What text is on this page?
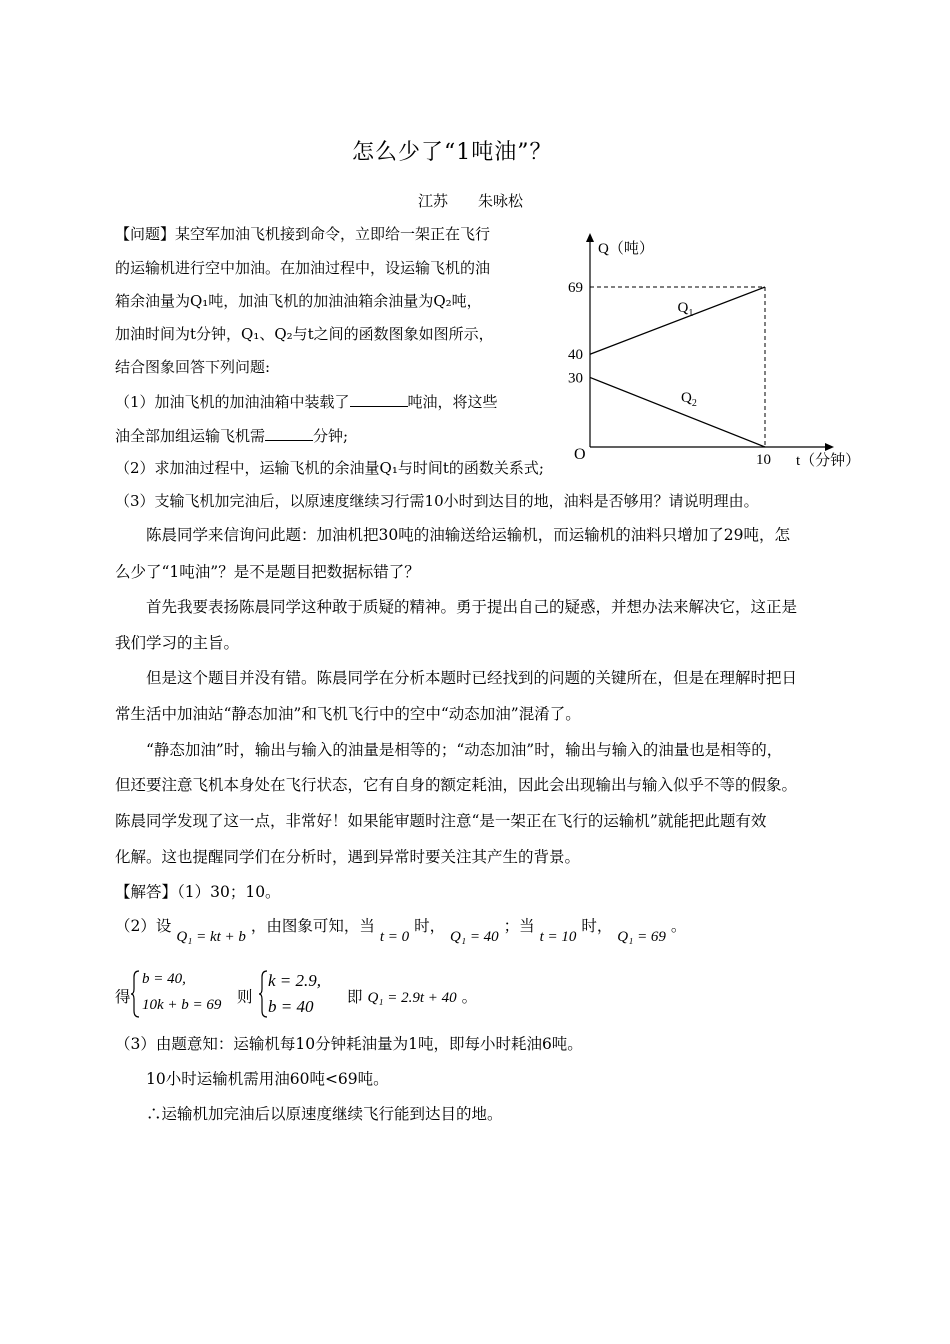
怎么少了“1吨油”？
江苏　　朱咏松
【问题】某空军加油飞机接到命令，立即给一架正在飞行
的运输机进行空中加油。在加油过程中，设运输飞机的油
箱余油量为Q₁吨，加油飞机的加油油箱余油量为Q₂吨，
加油时间为t分钟，Q₁、Q₂与t之间的函数图象如图所示，
结合图象回答下列问题:
（1）加油飞机的加油油箱中装载了	吨油，将这些
油全部加组运输飞机需	分钟;
（2）求加油过程中，运输飞机的余油量Q₁与时间t的函数关系式;
（3）支输飞机加完油后，以原速度继续习行需10小时到达目的地，油料是否够用？请说明理由。
Q（吨）
t（分钟）
O
69
40
30
10
$Q_1$
$Q_2$
陈晨同学来信询问此题：加油机把30吨的油输送给运输机，而运输机的油料只增加了29吨，怎
么少了“1吨油”？是不是题目把数据标错了？
首先我要表扬陈晨同学这种敢于质疑的精神。勇于提出自己的疑惑，并想办法来解决它，这正是
我们学习的主旨。
但是这个题目并没有错。陈晨同学在分析本题时已经找到的问题的关键所在，但是在理解时把日
常生活中加油站“静态加油”和飞机飞行中的空中“动态加油”混淆了。
“静态加油”时，输出与输入的油量是相等的；“动态加油”时，输出与输入的油量也是相等的，
但还要注意飞机本身处在飞行状态，它有自身的额定耗油，因此会出现输出与输入似乎不等的假象。
陈晨同学发现了这一点，非常好！如果能审题时注意“是一架正在飞行的运输机”就能把此题有效
化解。这也提醒同学们在分析时，遇到异常时要关注其产生的背景。
【解答】（1）30；10。
（2）设 Q₁ = kt + b ，由图象可知，当 t = 0 时， Q₁ = 40 ；当 t = 10 时， Q₁ = 69 。
得
b = 40,
10k + b = 69 则
k = 2.9,
b = 40 即 Q₁ = 2.9t + 40 。
（3）由题意知：运输机每10分钟耗油量为1吨，即每小时耗油6吨。
10小时运输机需用油60吨<69吨。
∴运输机加完油后以原速度继续飞行能到达目的地。
